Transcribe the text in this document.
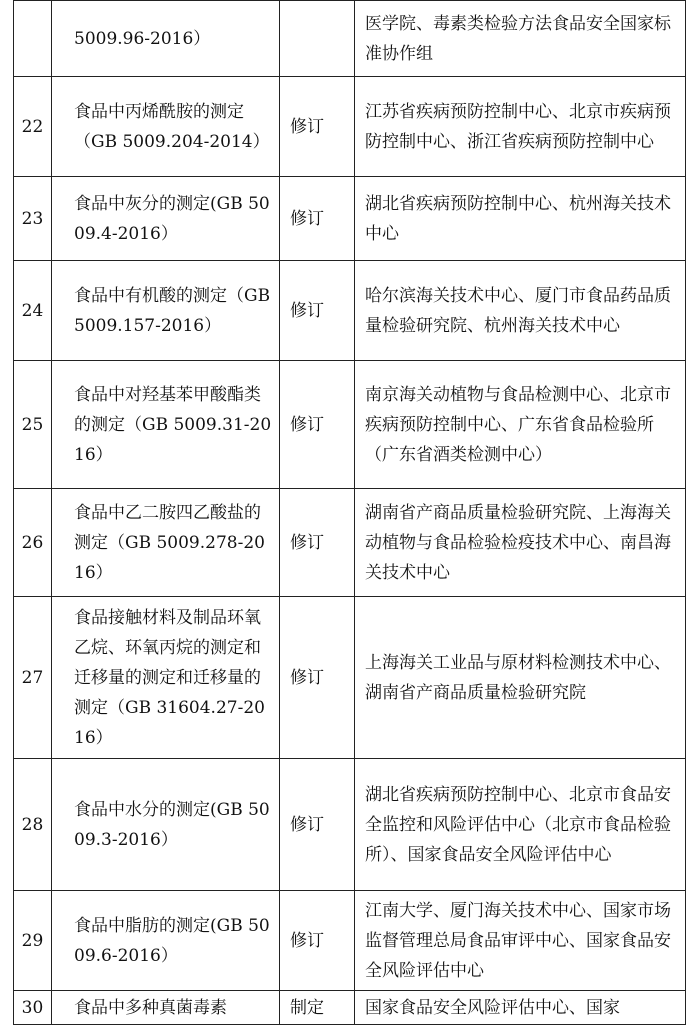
	5009.96-2016）		医学院、毒素类检验方法食品安全国家标准协作组

22	食品中丙烯酰胺的测定（GB 5009.204-2014）	修订	江苏省疾病预防控制中心、北京市疾病预防控制中心、浙江省疾病预防控制中心

23	食品中灰分的测定(GB 5009.4-2016）	修订	湖北省疾病预防控制中心、杭州海关技术中心

24	食品中有机酸的测定（GB 5009.157-2016）	修订	哈尔滨海关技术中心、厦门市食品药品质量检验研究院、杭州海关技术中心

25	食品中对羟基苯甲酸酯类的测定（GB 5009.31-2016）	修订	南京海关动植物与食品检测中心、北京市疾病预防控制中心、广东省食品检验所（广东省酒类检测中心）

26	食品中乙二胺四乙酸盐的测定（GB 5009.278-2016）	修订	湖南省产商品质量检验研究院、上海海关动植物与食品检验检疫技术中心、南昌海关技术中心

27	食品接触材料及制品环氧乙烷、环氧丙烷的测定和迁移量的测定和迁移量的测定（GB 31604.27-2016）	修订	上海海关工业品与原材料检测技术中心、湖南省产商品质量检验研究院

28	食品中水分的测定(GB 5009.3-2016）	修订	湖北省疾病预防控制中心、北京市食品安全监控和风险评估中心（北京市食品检验所）、国家食品安全风险评估中心

29	食品中脂肪的测定(GB 5009.6-2016）	修订	江南大学、厦门海关技术中心、国家市场监督管理总局食品审评中心、国家食品安全风险评估中心

30	食品中多种真菌毒素	制定	国家食品安全风险评估中心、国家
